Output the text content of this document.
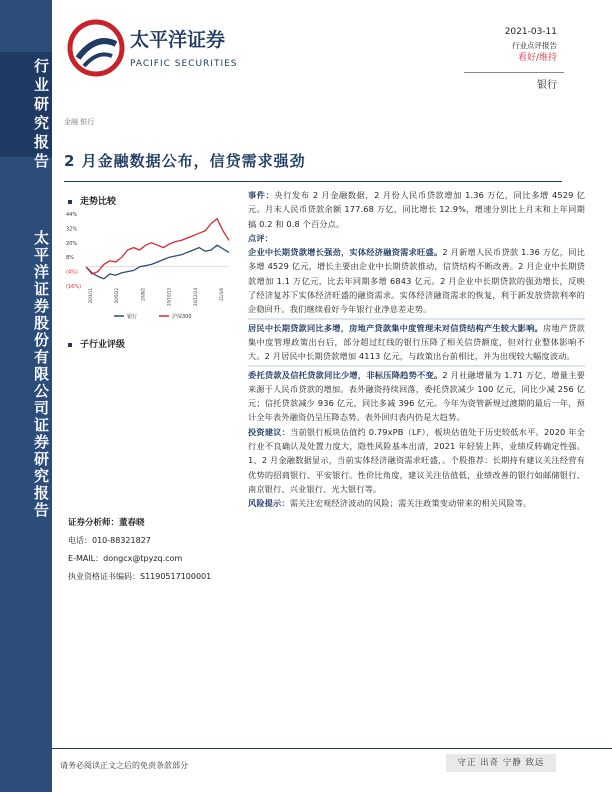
行业研究报告
太平洋证券股份有限公司证券研究报告
太平洋证券
PACIFIC SECURITIES
2021-03-11
行业点评报告
看好/维持
银行
金融 银行
2 月金融数据公布，信贷需求强劲
走势比较
44%
32%
20%
8%
(4%)
(16%)
20/3/11	20/5/22	20/8/2	20/10/13	20/12/24	21/3/6
银行	沪深300
子行业评级
证券分析师：董春晓
电话：010-88321827
E-MAIL：dongcx@tpyzq.com
执业资格证书编码：S1190517100001
事件：央行发布 2 月金融数据，2 月份人民币贷款增加 1.36 万亿，同比多增 4529 亿元。月末人民币贷款余额 177.68 万亿，同比增长 12.9%，增速分别比上月末和上年同期搞 0.2 和 0.8 个百分点。
点评：
企业中长期贷款增长强劲，实体经济融资需求旺盛。2 月新增人民币贷款 1.36 万亿，同比多增 4529 亿元，增长主要由企业中长期贷款推动，信贷结构不断改善。2 月企业中长期贷款增加 1.1 万亿元，比去年同期多增 6843 亿元。2 月企业中长期贷款的强劲增长，反映了经济复苏下实体经济旺盛的融资需求。实体经济融资需求的恢复，利于新发放贷款利率的企稳回升。我们继续看好今年银行业净息差走势。
居民中长期贷款同比多增，房地产贷款集中度管理未对信贷结构产生较大影响。房地产贷款集中度管理政策出台后，部分超过红线的银行压降了相关信贷额度，但对行业整体影响不大。2 月居民中长期贷款增加 4113 亿元，与政策出台前相比，并为出现较大幅度波动。
委托贷款及信托贷款同比少增，非标压降趋势不变。2 月社融增量为 1.71 万亿，增量主要来源于人民币贷款的增加。表外融资持续回落，委托贷款减少 100 亿元，同比少减 256 亿元；信托贷款减少 936 亿元，同比多减 396 亿元。今年为资管新规过渡期的最后一年，预计全年表外融资仍呈压降态势。表外回归表内仍是大趋势。
投资建议：当前银行板块估值约 0.79xPB（LF），板块估值处于历史较低水平。2020 年全行业不良确认及处置力度大，隐性风险基本出清，2021 年轻装上阵，业绩反转确定性强。1、2 月金融数据显示，当前实体经济融资需求旺盛，。个股推荐：长期持有建议关注经营有优势的招商银行、平安银行。性价比角度，建议关注估值低，业绩改善的银行如邮储银行、南京银行、兴业银行、光大银行等。
风险提示：需关注宏观经济波动的风险；需关注政策变动带来的相关风险等。
请务必阅读正文之后的免责条款部分	守正 出奇 宁静 致远
